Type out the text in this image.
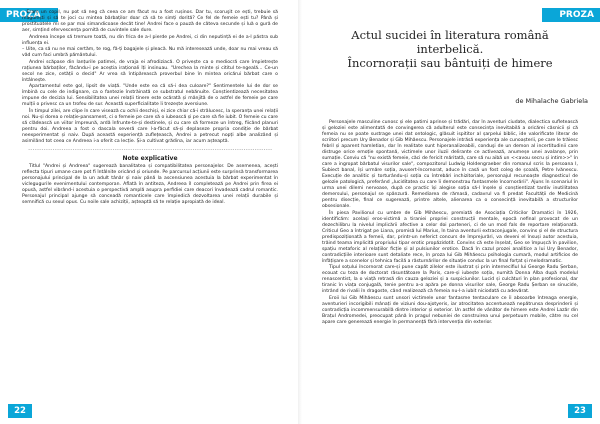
PROZA

– Eram un copil, nu pot să neg că ceea ce am făcut nu a fost rușinos. Dar tu, scoruşit ce ești, trebuie să măgulești și să te joci cu mintea bărbaților doar că să te simți dorită? Ce fel de femeie ești tu? Până și prostituatele mi se par mai simandicoase decât tine! Andrei face o pauză de câteva secunde și luă o gură de aer, simțind efervescența pornită de cuvintele sale dure.

Andreea începe să tremure toată, nu din frica de a-l pierde pe Andrei, ci din neputință ei de a-l păstra sub influența ei.

– Uite, ca să nu ne mai certăm, te rog, fă-ți bagajele și pleacă. Nu mă interesează unde, doar nu mai vreau să văd cum faci umbră pământului.

Andrei scăpase din lanțurile patimei, de vraja ei afrodiziacă. O privește ca o mediocră care împietrește rațiunea bărbaților, făcându-i pe aceștia iraționali îți insinuau. "Urechea la minte și cititul te-ngeală... Ce-un secol ne zice, cetății o decid" Ar vrea să întipărească proverbul bine în mintea oricărui bărbat care o întâlnește.

Apartamentul este gol, lipsit de viață. "Unde este ea că să-i dea culoare?" Sentimentele lui de dor se îmbină cu cele de indignare, ca o fantezie înstrăinată ce substratul nebănuite. Conștientizează necesitatea impune de decizia lui. Sensibilitatea unei relații tinere este ocărată și mânjită de o astfel de femeie pe care mulții o privesc ca un trofeu de sur. Această superficialitate îi trezește aversiune.

În timpul zilei, are clipe în care visează cu ochii deschiși, ei zice chiar că-i strălucesc, la speranța unei relații noi. Nu-și dorea o relație-pansament, ci o femeie pe care să o iubească și pe care să fie iubit. O femeie cu care să clădească un viitor împreună, ardă înfrunte-te-și destinele, și cu care să formeze un întreg, fiicând planuri pentru doi. Andreea a fost o dascala severă care l-a-făcut să-și deplaseze propria condiție de bărbat neexperimentat și naiv. După această experiență zuflețească, Andrei a petrecut nopți albe analizând și asimilând tot ceea ce Andreea i-a oferit ca lecție. Și-a cultivat grădina, iar acum așteaptă.

--------------------------------------------------------------------------------------------------------------
Note explicative

Titlul "Andrei și Andreea" sugerează banalitatea și compatibilitatea personajelor. De asemenea, acești reflecta tipuri umane care pot fi întâlnite oricând și oriunde. Pe parcursul acțiunii este surprinsă transformarea personajului principal de la un adult tânăr și naiv până la ascensiunea acestuia la bărbat experimentat în viclegugurile evenimentului contemporan. Aflată în antiteza, Andreea îl completează pe Andrei prin firea ei opusă, astfel vibrând-i acestuia o perspectivă amplă asupra perfidiei care deacori învadează cadrul romantic. Personajul principal ajunge să conceadă romanticele care împiedică dezvoltarea unei relații durabile și semnifică cu sexul opus. Cu noile sale achiziții, așteaptă să te relație apropiată de ideal.

22
PROZA
Actul sucidei în literatura română interbelică.
Încornorații sau bântuiți de himere
de Mihalache Gabriela

Personajele masculine cunosc și ele patimi aprinse și trădări, dar în aventuri ciudate, dialectica sufletească și geloziei este alimentată de convingerea că adulterul este consecința inevitabilă a oricărei căsnicii și că femeia nu se poate sustrage unei dat ontologic, glăsuit ispititor al șarpelui biblic, ide valorificate literar de scriitori precum Ury Benador și Gib Mihăescu. Personajele intrăsă experiența ale cunoașterii, pe care le trăiesc febril și aparent hamletian, dar în realitate sunt hiperanalizeabili, conduşi de un demon al incertitudinii care distruge orice emoție spontană, victimele unor iluzii delirante ce activează, anumeșe unei avalanșe, prin sumație. Conviu că "nu există femeie, căci de fericit măritată, care să nu aibă un <<avou secru și intim>>" în care a ingropat bărbatul visurilor sale", compozitorul Ludwig Holdengraeber din romanul scris la persoana I, Subiect banal, își urmăre soția, avusert-încornorat, aduce în casă un fost coleg de școală, Petre Ivănescu. Execuție de analitic și torturându-și soția cu întrebări inchizitoriale, personajul recunoaște diagnosticul de gelozie patologică, preferând „luciditatea cu care îi demonstrau fantasmele încornorării". Ajuns în scenariul în urma unei dilemi nervoase, după ce practic își alegise soția să-l înșele și conștientizat tardiv inutilitatea demersului, personajul se spânzură. Remediarea de rămasă, cadavrul va fi predat Facultății de Medicină pentru disecție, final ce sugerează, printre altele, alienarea ca o consecință inevitabilă a structurilor obsesionale.

În piesa Pavilionul cu umbre de Gib Mihăescu, premiată de Asociația Criticilor Dramatici în 1926, identificăm: același eros-victimă a tiraniei propriei construcții mentale, epocă nefinal provocat de un dezechilibru la nivelul implicării afective a celor doi parteneri, ci de un mod fals de reportare relaționată. Criticul Geo a întrigat pe Liana, promisă lui Marius, în taina aventurii extraconjugale, convins și el de structura predispoziționată a femeii, dar, printr-un neferict concurs de împrejurări, va deveni el însuși autor acestuia, trăind teama implicită propriului tipar erotic propăzidotit. Convins că este înșelat, Geo se împușcă în pavilion, spațiu metaforic al relațiilor ficție și al pulsiunilor erotice. Dacă în cazul prozei analitice a lui Ury Benador, contradicțiile interioare sunt detaliate rece, în proza lui Gib Mihăescu psihologia cumară, modul artificios de înfățișare a scenelor și tehnica facilă a răsturnărilor de situație conduc la un final forțat și melodramatic.

Tipul soțului încornorat care-și pune capăt zilelor este ilustrat și prin internecifiul lui George Radu Șerban, ecouat cu teza de doctorat răsuntătoare la Paris, care-și iubește soția, numită Donna Alba după modelul renascentist, la o viață retrasă din cauza geloziei și a suspiciunilor. Lucid și culcături în plan profesional, dar tiranic în viața conjugală, tenie pentru a-o apăra pe donna visurilor sale, George Radu Șerban se sinucide, intrând de rivalii în dragoste, când realizează că femeia nu-l-a iubit niciodată cu adevărat.

Eroii lui Gib Mihăescu sunt unsori victimele unor fantasme tentaculare ce îi absoarbe întreaga energie, aventurieri incorigibili mânați de viziuni dou-ajotyeris, iar atrocitatea accentuează nepătrunsa desprinderii și contradicția incommensurabilă dintre interior și exterior. Un astfel de vânător de himere este Andrei Lazăr din Brațul Andromedei, preocupat până în pragul nebuniei de construirea unui perpetuum mobile, către nu cel apare care generează energie în permanență fără intervenția din exterior.

23
